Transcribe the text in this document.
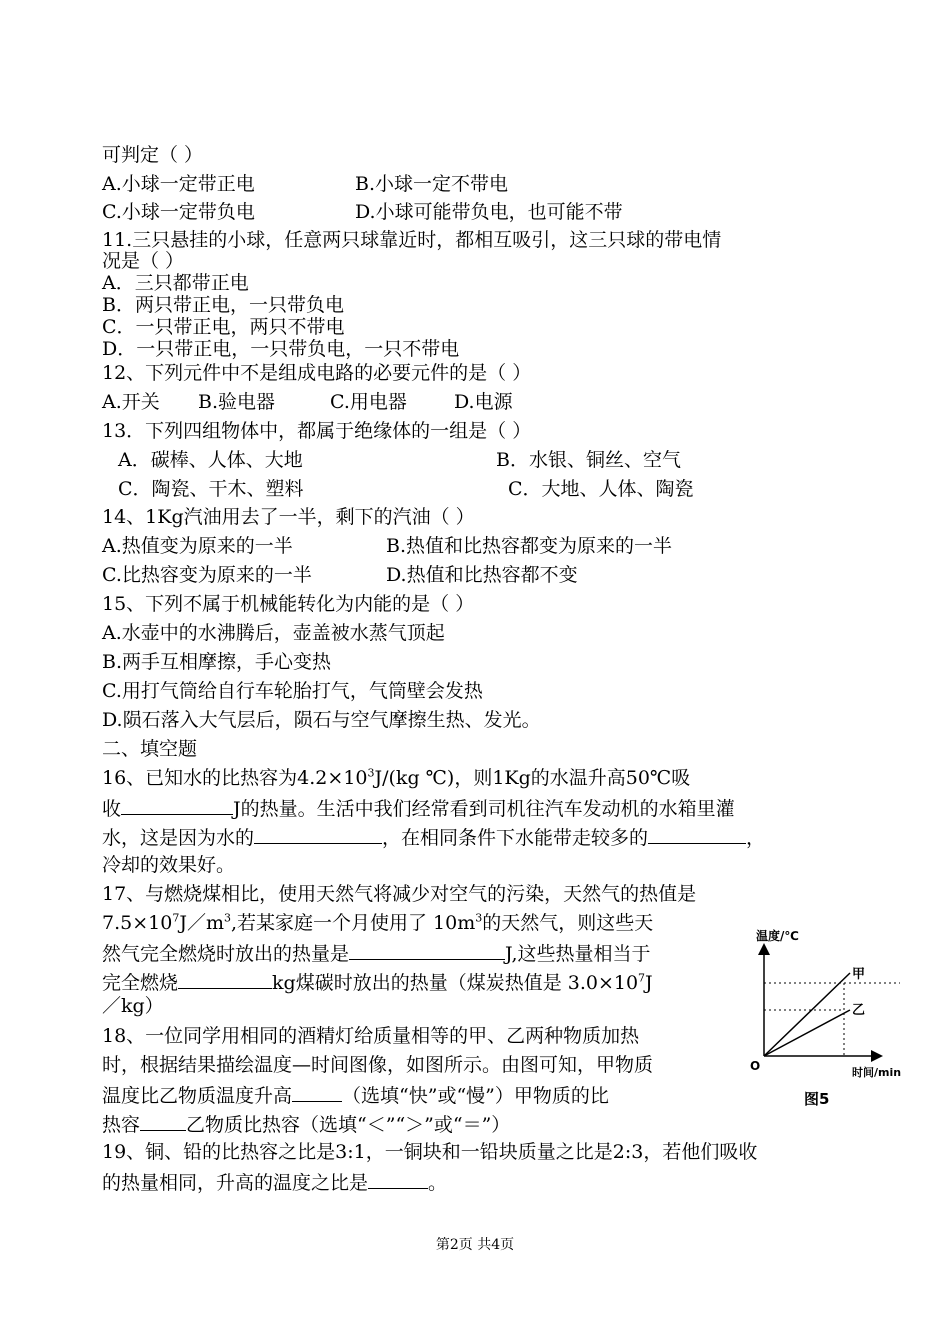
可判定（ ）
A.小球一定带正电	B.小球一定不带电
C.小球一定带负电	D.小球可能带负电，也可能不带
11.三只悬挂的小球，任意两只球靠近时，都相互吸引，这三只球的带电情
况是（ ）
A．三只都带正电
B．两只带正电，一只带负电
C．一只带正电，两只不带电
D．一只带正电，一只带负电，一只不带电
12、下列元件中不是组成电路的必要元件的是（ ）
A.开关 B.验电器	C.用电器 D.电源
13．下列四组物体中，都属于绝缘体的一组是（ ）
A．碳棒、人体、大地	B．水银、铜丝、空气
C．陶瓷、干木、塑料	C．大地、人体、陶瓷
14、1Kg汽油用去了一半，剩下的汽油（ ）
A.热值变为原来的一半	B.热值和比热容都变为原来的一半
C.比热容变为原来的一半	D.热值和比热容都不变
15、下列不属于机械能转化为内能的是（ ）
A.水壶中的水沸腾后，壶盖被水蒸气顶起
B.两手互相摩擦，手心变热
C.用打气筒给自行车轮胎打气，气筒壁会发热
D.陨石落入大气层后，陨石与空气摩擦生热、发光。
二、填空题
16、已知水的比热容为$4.2\times 10^3J/(kg$ ℃)，则1Kg的水温升高50℃吸
收	J的热量。生活中我们经常看到司机往汽车发动机的水箱里灌
水，这是因为水的	，在相同条件下水能带走较多的	，
冷却的效果好。
17、与燃烧煤相比，使用天然气将减少对空气的污染，天然气的热值是
$7.5\times 10^7J/m^3$,若某家庭一个月使用了 $10m^3$的天然气，则这些天
然气完全燃烧时放出的热量是	J,这些热量相当于
完全燃烧	kg煤碳时放出的热量（煤炭热值是 $3.0\times 10^7J$
／kg）
18、一位同学用相同的酒精灯给质量相等的甲、乙两种物质加热
时，根据结果描绘温度—时间图像，如图所示。由图可知，甲物质
温度比乙物质温度升高	（选填“快”或“慢”）甲物质的比
热容 乙物质比热容（选填“＜”“＞”或“＝”）
19、铜、铅的比热容之比是3:1，一铜块和一铅块质量之比是2:3，若他们吸收
的热量相同，升高的温度之比是	。
温度/℃
时间/min
O
甲
乙
图5
第2页 共4页
